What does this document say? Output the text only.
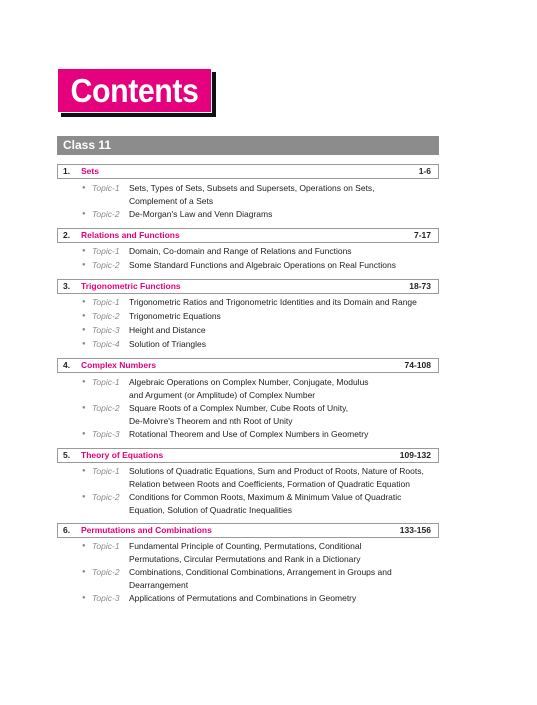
Contents
Class 11
1. Sets	1-6
● Topic-1 Sets, Types of Sets, Subsets and Supersets, Operations on Sets,
Complement of a Sets
● Topic-2 De-Morgan's Law and Venn Diagrams
2. Relations and Functions	7-17
● Topic-1 Domain, Co-domain and Range of Relations and Functions
● Topic-2 Some Standard Functions and Algebraic Operations on Real Functions
3. Trigonometric Functions	18-73
● Topic-1 Trigonometric Ratios and Trigonometric Identities and its Domain and Range
● Topic-2 Trigonometric Equations
● Topic-3 Height and Distance
● Topic-4 Solution of Triangles
4. Complex Numbers	74-108
● Topic-1 Algebraic Operations on Complex Number, Conjugate, Modulus
and Argument (or Amplitude) of Complex Number
● Topic-2 Square Roots of a Complex Number, Cube Roots of Unity,
De-Moivre's Theorem and nth Root of Unity
● Topic-3 Rotational Theorem and Use of Complex Numbers in Geometry
5. Theory of Equations	109-132
● Topic-1 Solutions of Quadratic Equations, Sum and Product of Roots, Nature of Roots,
Relation between Roots and Coefficients, Formation of Quadratic Equation
● Topic-2 Conditions for Common Roots, Maximum & Minimum Value of Quadratic
Equation, Solution of Quadratic Inequalities
6. Permutations and Combinations	133-156
● Topic-1 Fundamental Principle of Counting, Permutations, Conditional
Permutations, Circular Permutations and Rank in a Dictionary
● Topic-2 Combinations, Conditional Combinations, Arrangement in Groups and
Dearrangement
● Topic-3 Applications of Permutations and Combinations in Geometry
